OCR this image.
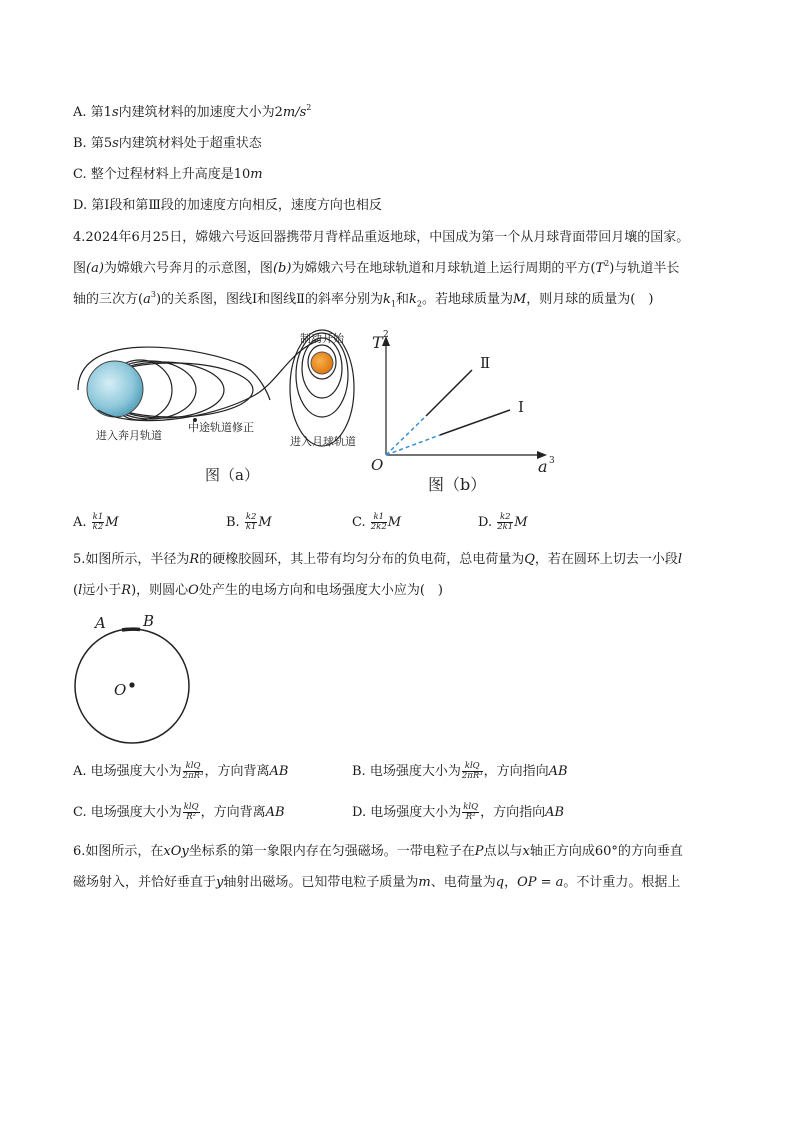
A. 第1s内建筑材料的加速度大小为$2m/s^2$
B. 第5s内建筑材料处于超重状态
C. 整个过程材料上升高度是10m
D. 第Ⅰ段和第Ⅲ段的加速度方向相反，速度方向也相反
4.2024年6月25日，嫦娥六号返回器携带月背样品重返地球，中国成为第一个从月球背面带回月壤的国家。
图(a)为嫦娥六号奔月的示意图，图(b)为嫦娥六号在地球轨道和月球轨道上运行周期的平方$(T^2)$与轨道半长
轴的三次方$(a^3)$的关系图，图线Ⅰ和图线Ⅱ的斜率分别为$k_1$和$k_2$。若地球质量为M，则月球的质量为(　)
制动开始
进入奔月轨道
中途轨道修正
进入月球轨道
图（a）
T 2
a 3
O
Ⅱ
Ⅰ
图（b）
A. $\frac{k1}{k2}$ M	B. $\frac{k2}{k1}$ M	C. $\frac{k1}{2k2}$ M	D. $\frac{k2}{2k1}$ M
5.如图所示，半径为R的硬橡胶圆环，其上带有均匀分布的负电荷，总电荷量为Q，若在圆环上切去一小段l
(l远小于R)，则圆心O处产生的电场方向和电场强度大小应为(　)
A B
O
A. 电场强度大小为 $\frac{\text{klQ}}{\text{2πR³}}$ ，方向背离AB	B. 电场强度大小为 $\frac{\text{klQ}}{\text{2πR³}}$ ，方向指向AB
C. 电场强度大小为 $\frac{\text{klQ}}{\text{R²}}$ ，方向背离AB	D. 电场强度大小为 $\frac{\text{klQ}}{\text{R²}}$ ，方向指向AB
6.如图所示，在xOy坐标系的第一象限内存在匀强磁场。一带电粒子在P点以与x轴正方向成60°的方向垂直
磁场射入，并恰好垂直于y轴射出磁场。已知带电粒子质量为m、电荷量为q，OP = a。不计重力。根据上
